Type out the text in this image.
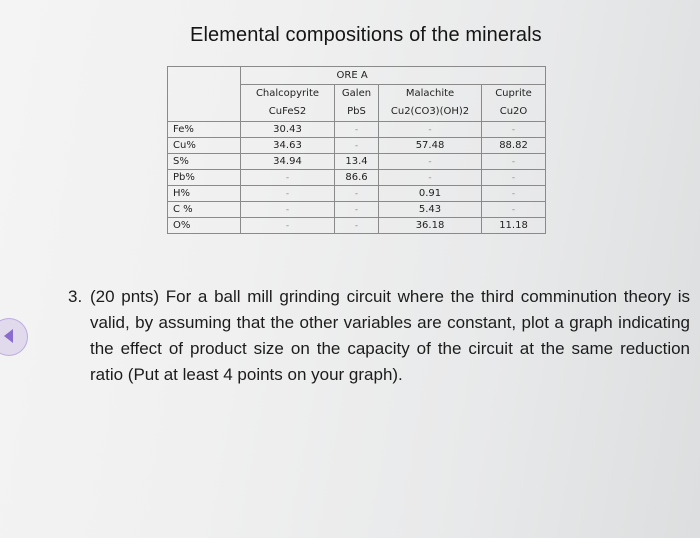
Elemental compositions of the minerals
		ORE A		
	Chalcopyrite	Galen	Malachite	Cuprite
	CuFeS2	PbS	Cu2(CO3)(OH)2	Cu2O
Fe%	30.43	-	-	-
Cu%	34.63	-	57.48	88.82
S%	34.94	13.4	-	-
Pb%	-	86.6	-	-
H%	-	-	0.91	-
C %	-	-	5.43	-
O%	-	-	36.18	11.18
3. (20 pnts) For a ball mill grinding circuit where the third comminution theory is valid, by assuming that the other variables are constant, plot a graph indicating the effect of product size on the capacity of the circuit at the same reduction ratio (Put at least 4 points on your graph).
